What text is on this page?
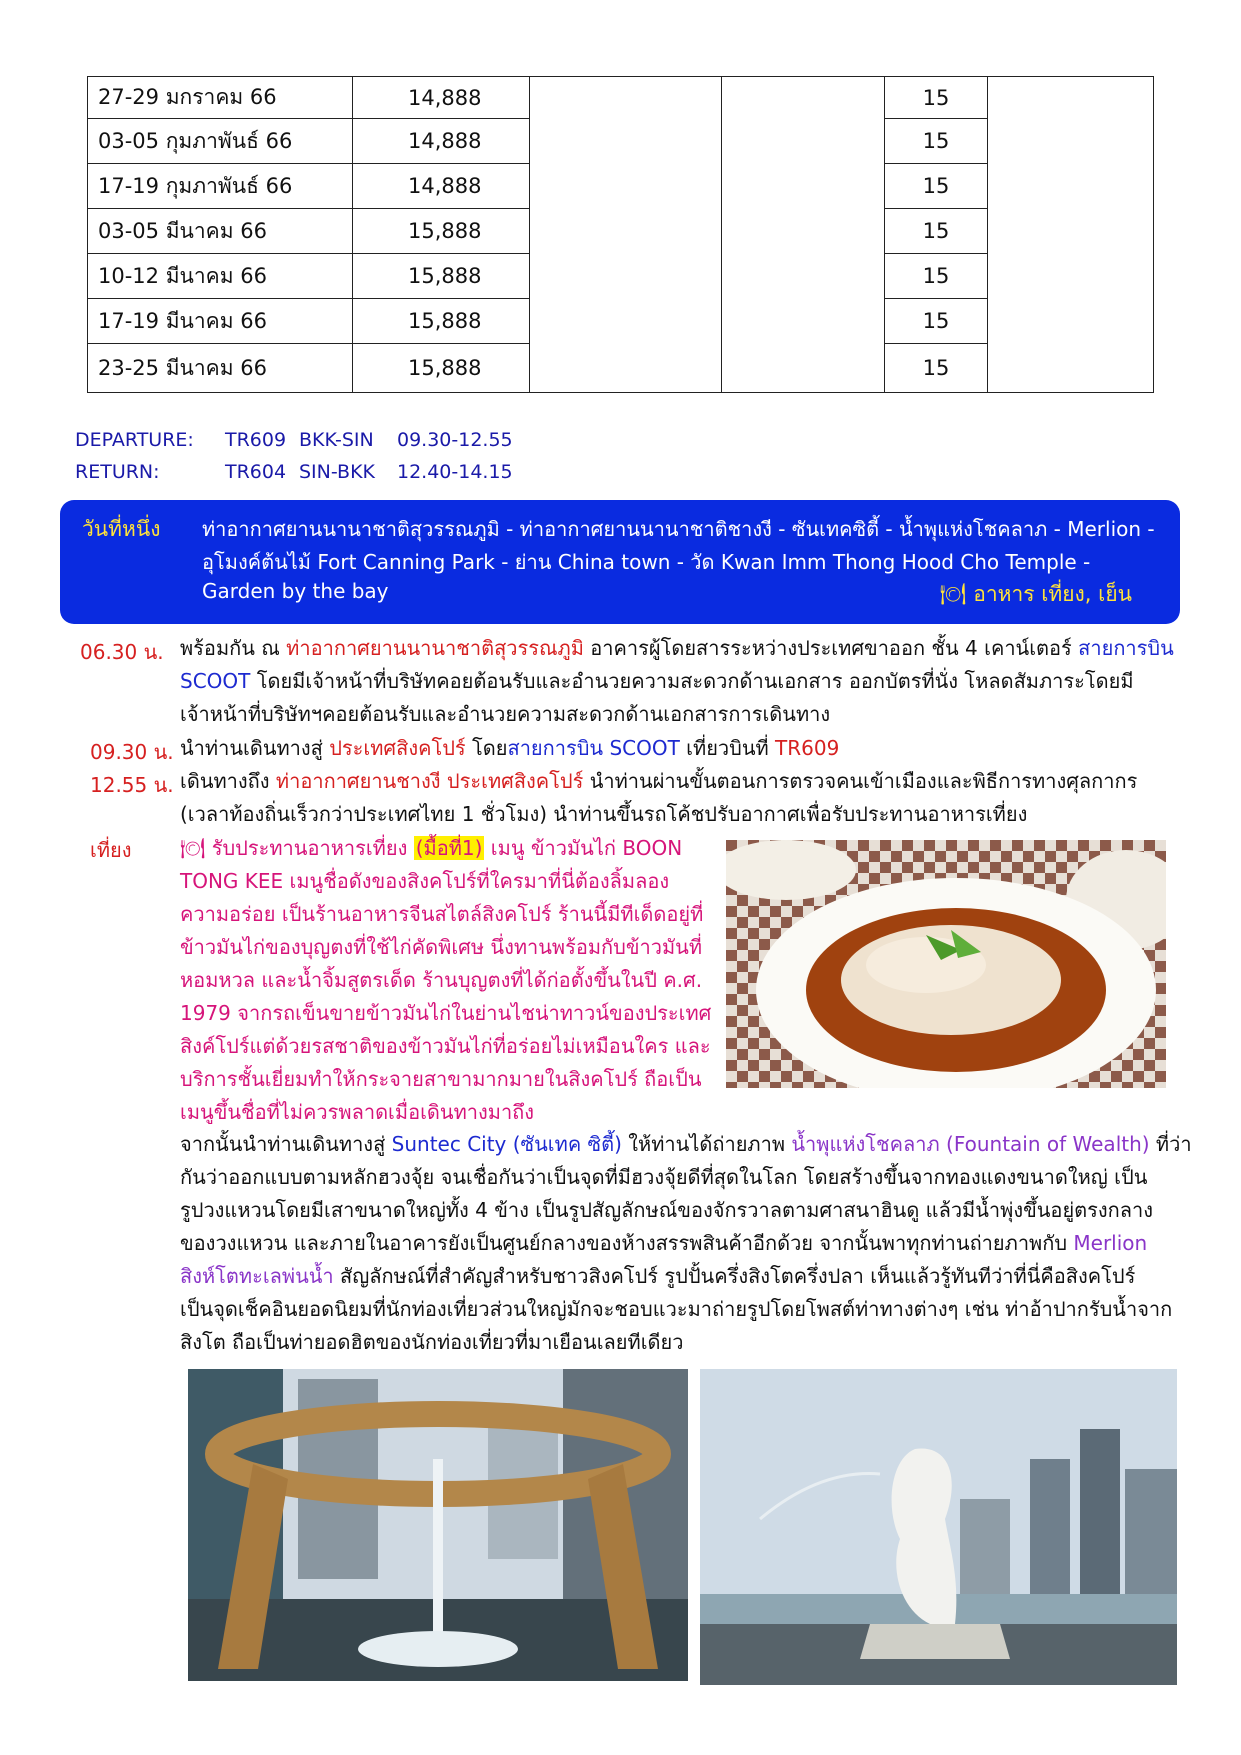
27-29 มกราคม 66	14,888			15	
03-05 กุมภาพันธ์ 66	14,888			15	
17-19 กุมภาพันธ์ 66	14,888			15	
03-05 มีนาคม 66	15,888			15	
10-12 มีนาคม 66	15,888			15	
17-19 มีนาคม 66	15,888			15	
23-25 มีนาคม 66	15,888			15	
DEPARTURE: TR609 BKK-SIN 09.30-12.55
RETURN:	TR604 SIN-BKK 12.40-14.15
วันที่หนึ่ง ท่าอากาศยานนานาชาติสุวรรณภูมิ - ท่าอากาศยานนานาชาติชางงี - ซันเทคซิตี้ - น้ำพุแห่งโชคลาภ - Merlion -
อุโมงค์ต้นไม้ Fort Canning Park - ย่าน China town - วัด Kwan Imm Thong Hood Cho Temple -
Garden by the bay	🍽 อาหาร เที่ยง, เย็น
06.30 น. พร้อมกัน ณ ท่าอากาศยานนานาชาติสุวรรณภูมิ อาคารผู้โดยสารระหว่างประเทศขาออก ชั้น 4 เคาน์เตอร์ สายการบิน
SCOOT โดยมีเจ้าหน้าที่บริษัทคอยต้อนรับและอำนวยความสะดวกด้านเอกสาร ออกบัตรที่นั่ง โหลดสัมภาระโดยมี
เจ้าหน้าที่บริษัทฯคอยต้อนรับและอำนวยความสะดวกด้านเอกสารการเดินทาง
09.30 น. นำท่านเดินทางสู่ ประเทศสิงคโปร์ โดยสายการบิน SCOOT เที่ยวบินที่ TR609
12.55 น. เดินทางถึง ท่าอากาศยานชางงี ประเทศสิงคโปร์ นำท่านผ่านขั้นตอนการตรวจคนเข้าเมืองและพิธีการทางศุลกากร
(เวลาท้องถิ่นเร็วกว่าประเทศไทย 1 ชั่วโมง) นำท่านขึ้นรถโค้ชปรับอากาศเพื่อรับประทานอาหารเที่ยง
เที่ยง 🍽 รับประทานอาหารเที่ยง (มื้อที่1) เมนู ข้าวมันไก่ BOON
TONG KEE เมนูชื่อดังของสิงคโปร์ที่ใครมาที่นี่ต้องลิ้มลอง
ความอร่อย เป็นร้านอาหารจีนสไตล์สิงคโปร์ ร้านนี้มีทีเด็ดอยู่ที่
ข้าวมันไก่ของบุญตงที่ใช้ไก่คัดพิเศษ นึ่งทานพร้อมกับข้าวมันที่
หอมหวล และน้ำจิ้มสูตรเด็ด ร้านบุญตงที่ได้ก่อตั้งขึ้นในปี ค.ศ.
1979 จากรถเข็นขายข้าวมันไก่ในย่านไชน่าทาวน์ของประเทศ
สิงค์โปร์แต่ด้วยรสชาติของข้าวมันไก่ที่อร่อยไม่เหมือนใคร และ
บริการชั้นเยี่ยมทำให้กระจายสาขามากมายในสิงคโปร์ ถือเป็น
เมนูขึ้นชื่อที่ไม่ควรพลาดเมื่อเดินทางมาถึง
จากนั้นนำท่านเดินทางสู่ Suntec City (ซันเทค ซิตี้) ให้ท่านได้ถ่ายภาพ น้ำพุแห่งโชคลาภ (Fountain of Wealth) ที่ว่า
กันว่าออกแบบตามหลักฮวงจุ้ย จนเชื่อกันว่าเป็นจุดที่มีฮวงจุ้ยดีที่สุดในโลก โดยสร้างขึ้นจากทองแดงขนาดใหญ่ เป็น
รูปวงแหวนโดยมีเสาขนาดใหญ่ทั้ง 4 ข้าง เป็นรูปสัญลักษณ์ของจักรวาลตามศาสนาฮินดู แล้วมีน้ำพุ่งขึ้นอยู่ตรงกลาง
ของวงแหวน และภายในอาคารยังเป็นศูนย์กลางของห้างสรรพสินค้าอีกด้วย จากนั้นพาทุกท่านถ่ายภาพกับ Merlion
สิงห์โตทะเลพ่นน้ำ สัญลักษณ์ที่สำคัญสำหรับชาวสิงคโปร์ รูปปั้นครึ่งสิงโตครึ่งปลา เห็นแล้วรู้ทันทีว่าที่นี่คือสิงคโปร์
เป็นจุดเช็คอินยอดนิยมที่นักท่องเที่ยวส่วนใหญ่มักจะชอบแวะมาถ่ายรูปโดยโพสต์ท่าทางต่างๆ เช่น ท่าอ้าปากรับน้ำจาก
สิงโต ถือเป็นท่ายอดฮิตของนักท่องเที่ยวที่มาเยือนเลยทีเดียว
